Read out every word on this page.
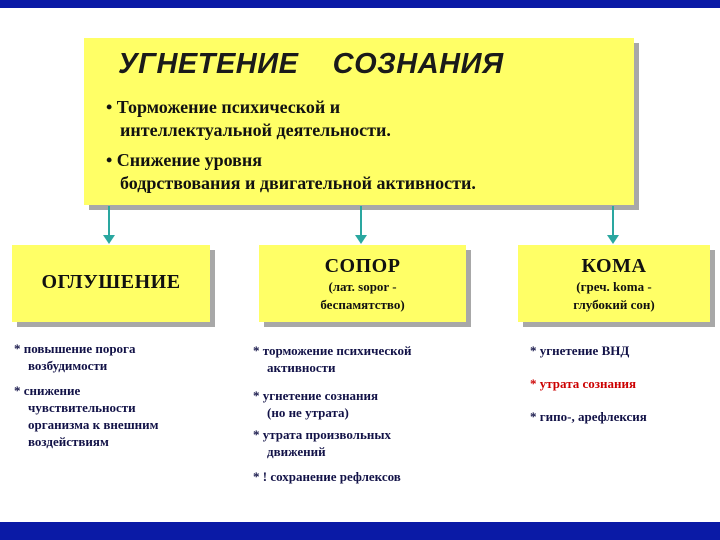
УГНЕТЕНИЕ    СОЗНАНИЯ
• Торможение психической и
интеллектуальной деятельности.
• Снижение уровня
бодрствования и двигательной активности.
ОГЛУШЕНИЕ
СОПОР
(лат. sopor -
беспамятство)
КОМА
(греч. koma -
глубокий сон)
* повышение порога
возбудимости
* снижение
чувствительности
организма к внешним
воздействиям
* торможение психической
активности
* угнетение сознания
(но не утрата)
* утрата произвольных
движений
* ! сохранение рефлексов
* угнетение ВНД
* утрата сознания
* гипо-, арефлексия
